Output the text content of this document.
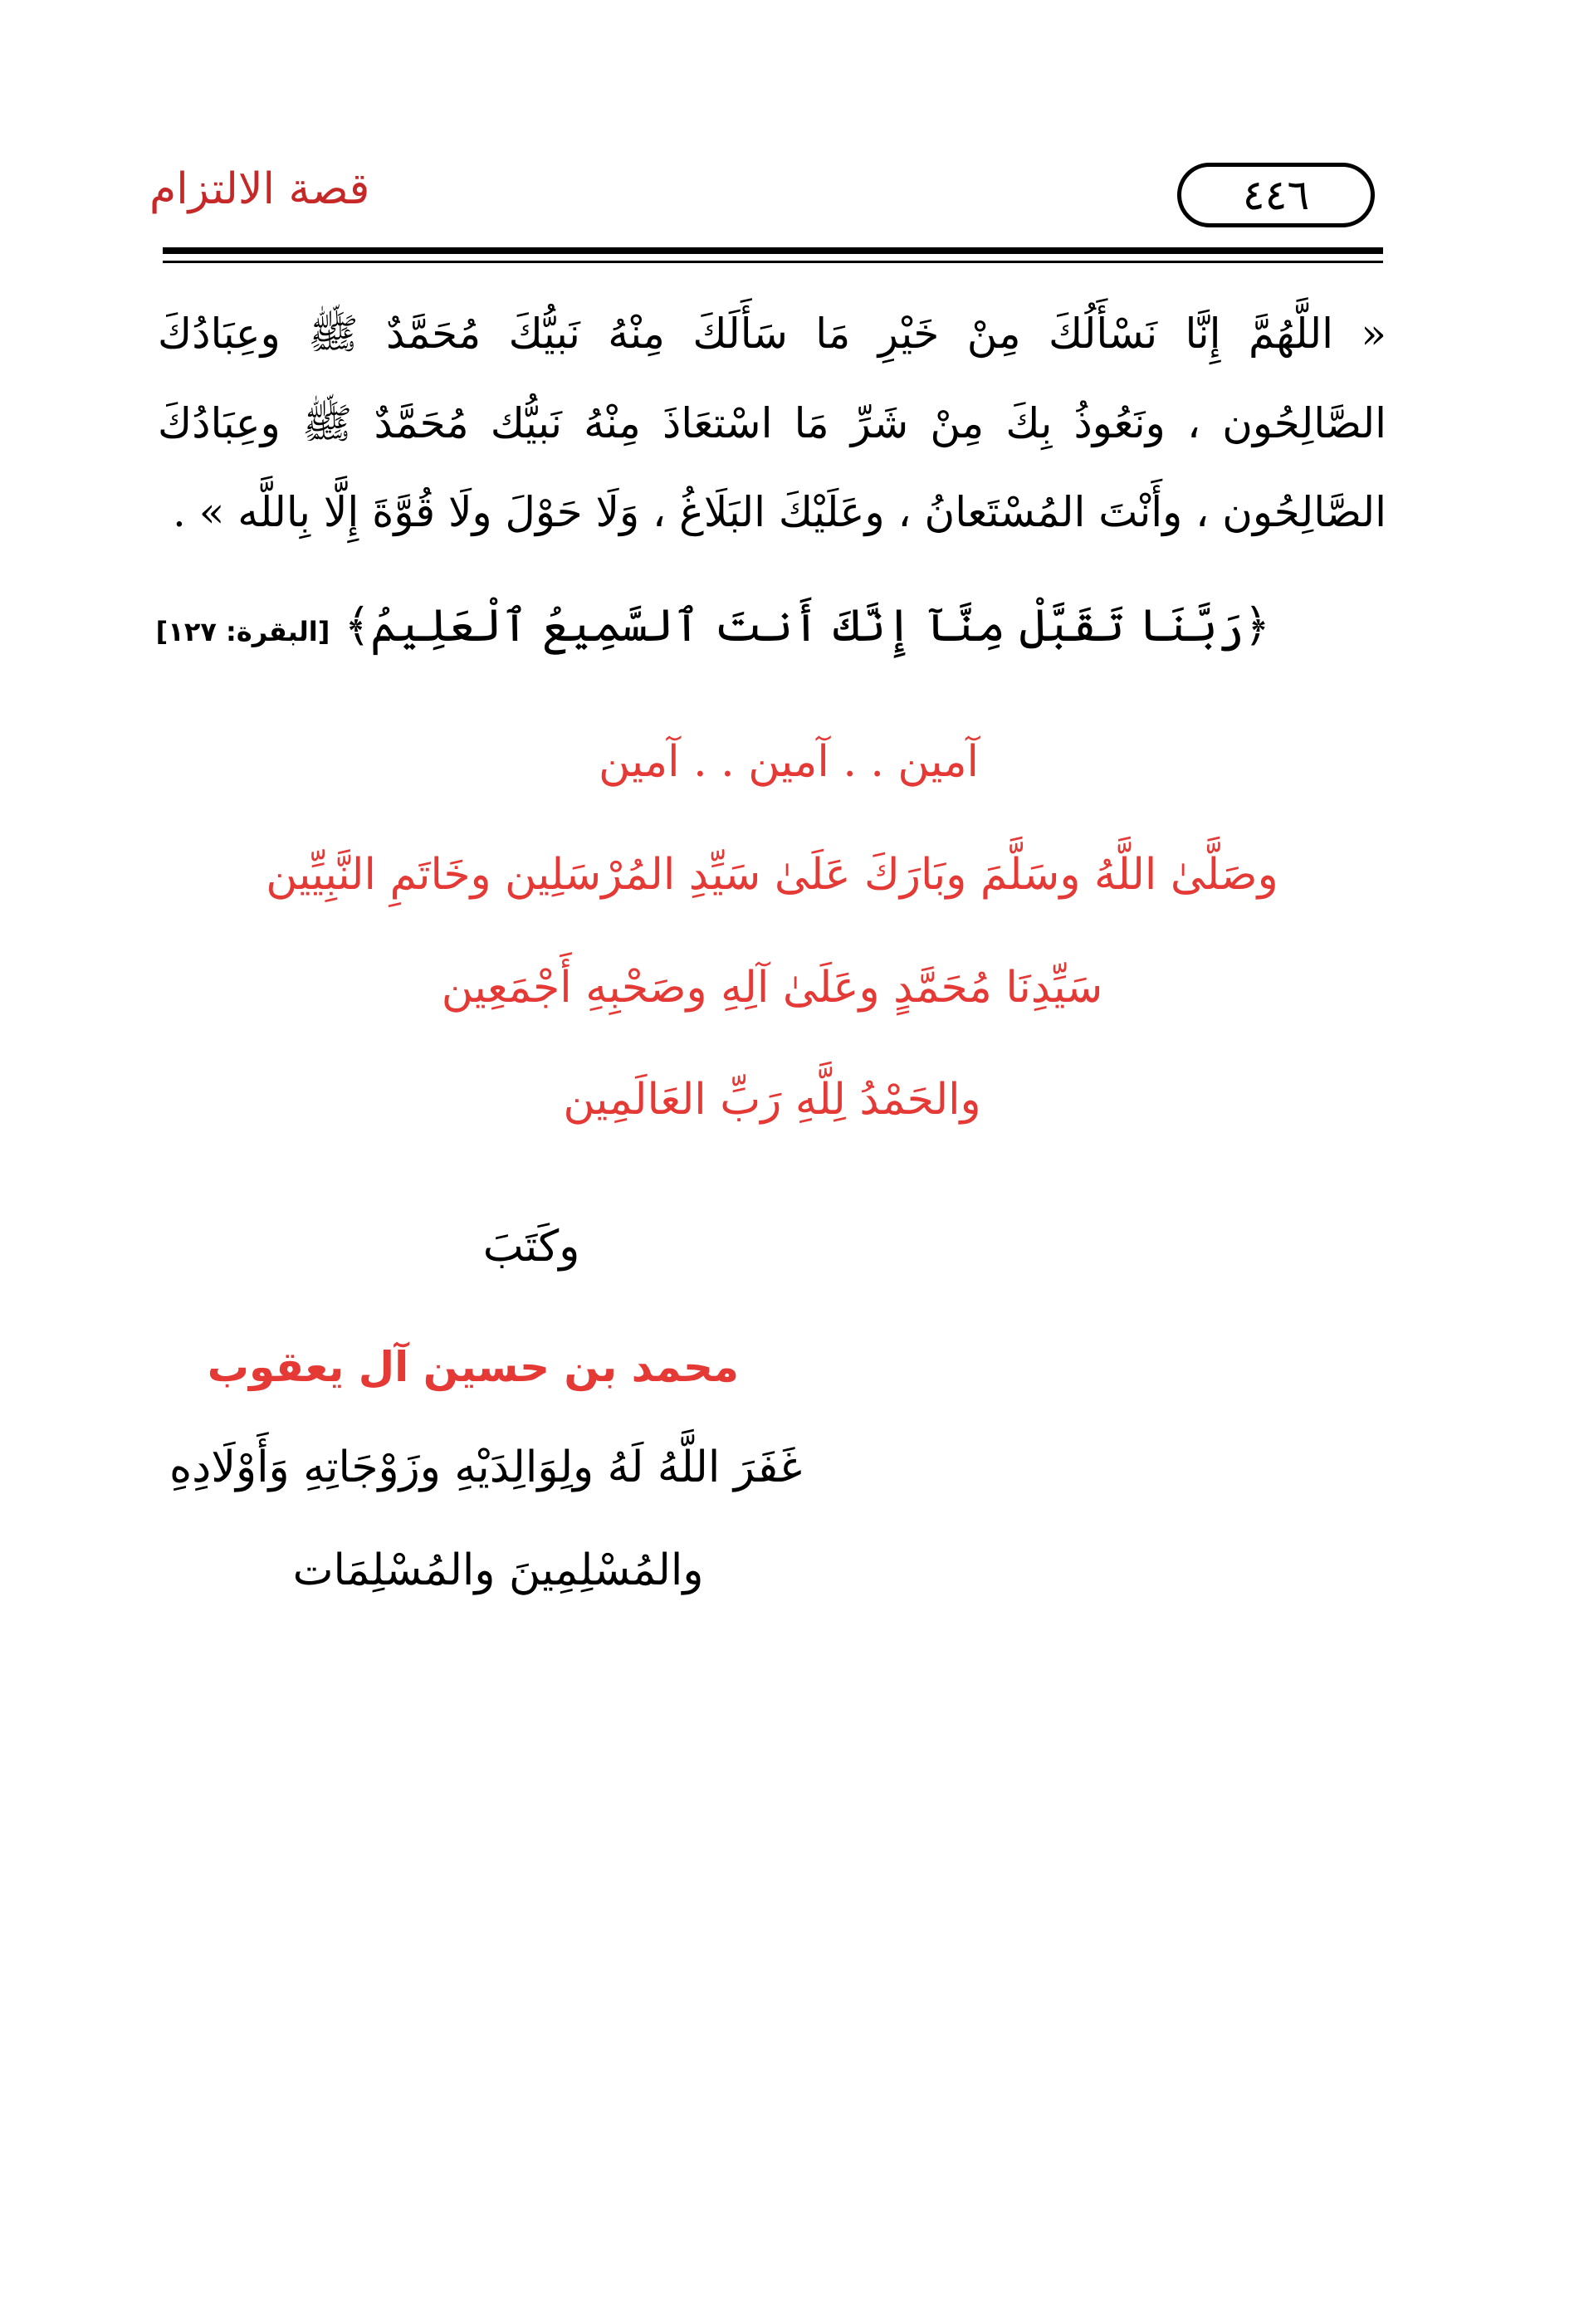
قصة الالتزام	٤٤٦
« اللَّهُمَّ إِنَّا نَسْأَلُكَ مِنْ خَيْرِ مَا سَأَلَكَ مِنْهُ نَبيُّكَ مُحَمَّدٌ ﷺ وعِبَادُكَ
الصَّالِحُون ، ونَعُوذُ بِكَ مِنْ شَرِّ مَا اسْتعَاذَ مِنْهُ نَبيُّك مُحَمَّدٌ ﷺ وعِبَادُكَ
الصَّالِحُون ، وأَنْتَ المُسْتَعانُ ، وعَلَيْكَ البَلَاغُ ، وَلَا حَوْلَ ولَا قُوَّةَ إِلَّا بِاللَّه » .
﴿رَبَّنَا تَقَبَّلْ مِنَّآ إِنَّكَ أَنتَ ٱلسَّمِيعُ ٱلْعَلِيمُ﴾ [البقرة: ١٢٧]
آمين . . آمين . . آمين
وصَلَّىٰ اللَّهُ وسَلَّمَ وبَارَكَ عَلَىٰ سَيِّدِ المُرْسَلِين وخَاتَمِ النَّبِيِّين
سَيِّدِنَا مُحَمَّدٍ وعَلَىٰ آلِهِ وصَحْبِهِ أَجْمَعِين
والحَمْدُ لِلَّهِ رَبِّ العَالَمِين
وكَتَبَ
محمد بن حسين آل يعقوب
غَفَرَ اللَّهُ لَهُ ولِوَالِدَيْهِ وزَوْجَاتِهِ وَأَوْلَادِهِ
والمُسْلِمِينَ والمُسْلِمَات
